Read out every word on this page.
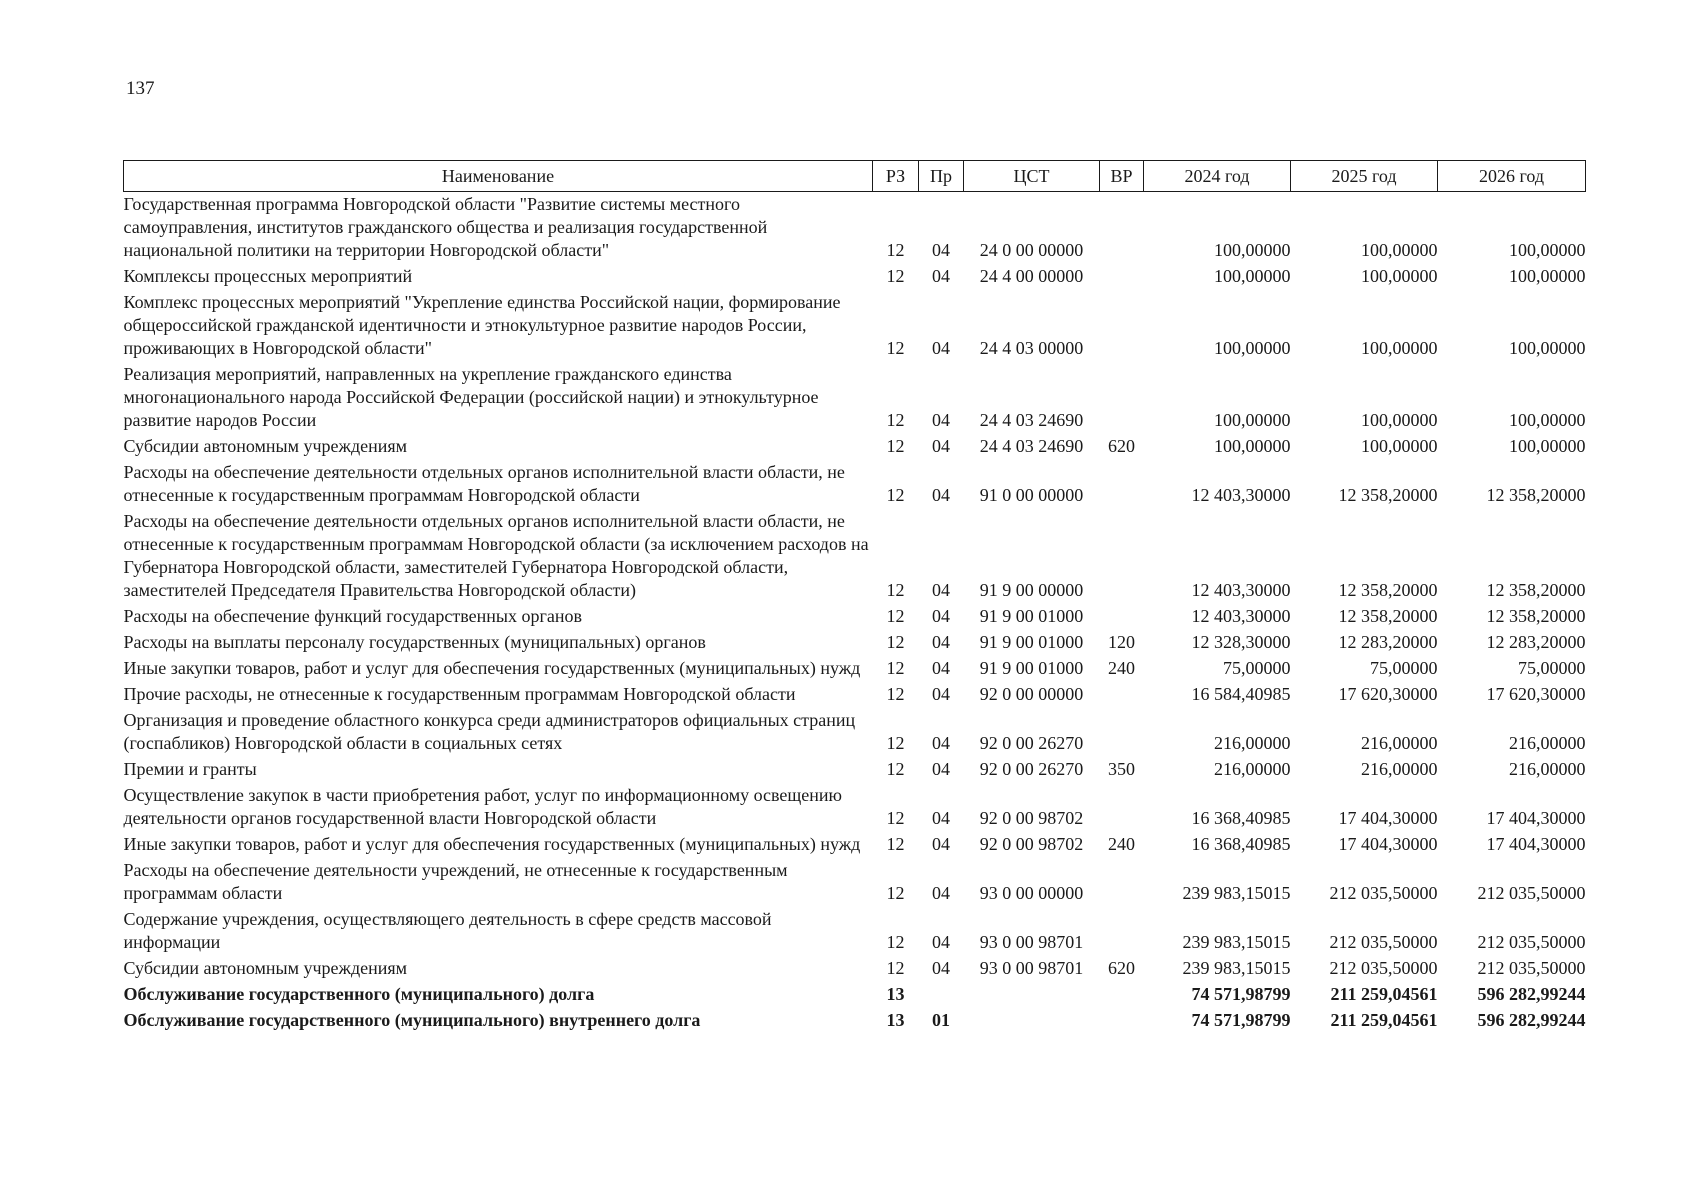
137
Наименование	РЗ	Пр	ЦСТ	ВР	2024 год	2025 год	2026 год
Государственная программа Новгородской области "Развитие системы местного самоуправления, институтов гражданского общества и реализация государственной национальной политики на территории Новгородской области"	12	04	24 0 00 00000		100,00000	100,00000	100,00000
Комплексы процессных мероприятий	12	04	24 4 00 00000		100,00000	100,00000	100,00000
Комплекс процессных мероприятий "Укрепление единства Российской нации, формирование общероссийской гражданской идентичности и этнокультурное развитие народов России, проживающих в Новгородской области"	12	04	24 4 03 00000		100,00000	100,00000	100,00000
Реализация мероприятий, направленных на укрепление гражданского единства многонационального народа Российской Федерации (российской нации) и этнокультурное развитие народов России	12	04	24 4 03 24690		100,00000	100,00000	100,00000
Субсидии автономным учреждениям	12	04	24 4 03 24690	620	100,00000	100,00000	100,00000
Расходы на обеспечение деятельности отдельных органов исполнительной власти области, не отнесенные к государственным программам Новгородской области	12	04	91 0 00 00000		12 403,30000	12 358,20000	12 358,20000
Расходы на обеспечение деятельности отдельных органов исполнительной власти области, не отнесенные к государственным программам Новгородской области (за исключением расходов на Губернатора Новгородской области, заместителей Губернатора Новгородской области, заместителей Председателя Правительства Новгородской области)	12	04	91 9 00 00000		12 403,30000	12 358,20000	12 358,20000
Расходы на обеспечение функций государственных органов	12	04	91 9 00 01000		12 403,30000	12 358,20000	12 358,20000
Расходы на выплаты персоналу государственных (муниципальных) органов	12	04	91 9 00 01000	120	12 328,30000	12 283,20000	12 283,20000
Иные закупки товаров, работ и услуг для обеспечения государственных (муниципальных) нужд	12	04	91 9 00 01000	240	75,00000	75,00000	75,00000
Прочие расходы, не отнесенные к государственным программам Новгородской области	12	04	92 0 00 00000		16 584,40985	17 620,30000	17 620,30000
Организация и проведение областного конкурса среди администраторов официальных страниц (госпабликов) Новгородской области в социальных сетях	12	04	92 0 00 26270		216,00000	216,00000	216,00000
Премии и гранты	12	04	92 0 00 26270	350	216,00000	216,00000	216,00000
Осуществление закупок в части приобретения работ, услуг по информационному освещению деятельности органов государственной власти Новгородской области	12	04	92 0 00 98702		16 368,40985	17 404,30000	17 404,30000
Иные закупки товаров, работ и услуг для обеспечения государственных (муниципальных) нужд	12	04	92 0 00 98702	240	16 368,40985	17 404,30000	17 404,30000
Расходы на обеспечение деятельности учреждений, не отнесенные к государственным программам области	12	04	93 0 00 00000		239 983,15015	212 035,50000	212 035,50000
Содержание учреждения, осуществляющего деятельность в сфере средств массовой информации	12	04	93 0 00 98701		239 983,15015	212 035,50000	212 035,50000
Субсидии автономным учреждениям	12	04	93 0 00 98701	620	239 983,15015	212 035,50000	212 035,50000
Обслуживание государственного (муниципального) долга	13				74 571,98799	211 259,04561	596 282,99244
Обслуживание государственного (муниципального) внутреннего долга	13	01			74 571,98799	211 259,04561	596 282,99244
